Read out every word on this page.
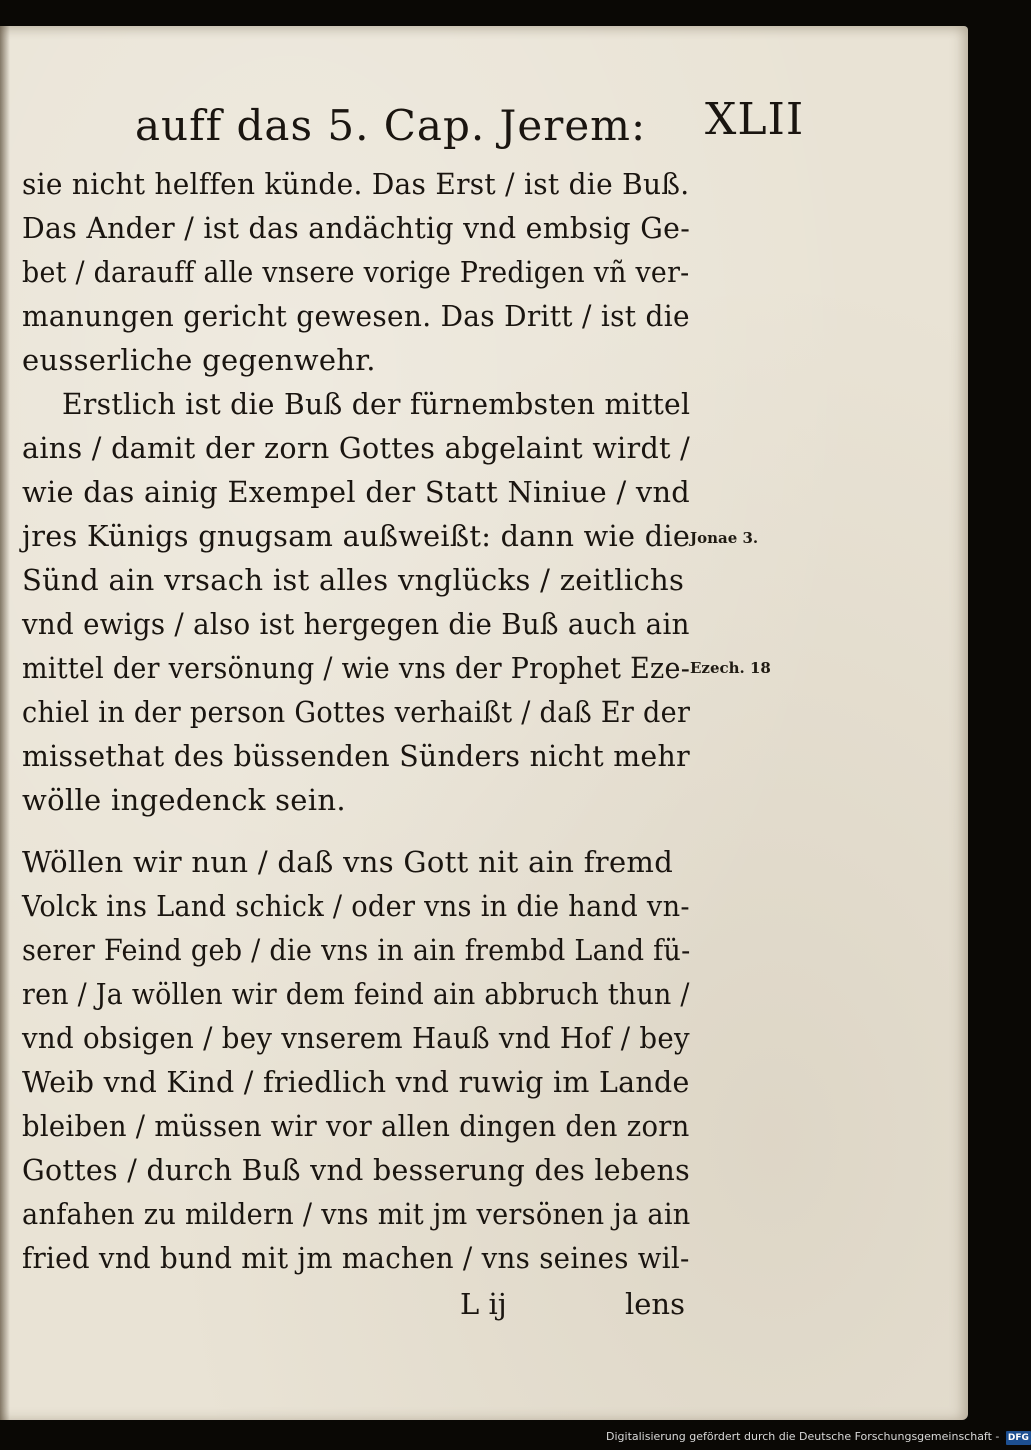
auff das 5. Cap. Jerem: XLII
sie nicht helffen künde. Das Erst / ist die Buß.
Das Ander / ist das andächtig vnd embsig Ge-
bet / darauff alle vnsere vorige Predigen vñ ver-
manungen gericht gewesen. Das Dritt / ist die
eusserliche gegenwehr.
Erstlich ist die Buß der fürnembsten mittel
ains / damit der zorn Gottes abgelaint wirdt /
wie das ainig Exempel der Statt Niniue / vnd
jres Künigs gnugsam außweißt: dann wie die
Sünd ain vrsach ist alles vnglücks / zeitlichs
vnd ewigs / also ist hergegen die Buß auch ain
mittel der versönung / wie vns der Prophet Eze-
chiel in der person Gottes verhaißt / daß Er der
missethat des büssenden Sünders nicht mehr
wölle ingedenck sein.
Jonae 3.
Ezech. 18
Wöllen wir nun / daß vns Gott nit ain fremd
Volck ins Land schick / oder vns in die hand vn-
serer Feind geb / die vns in ain frembd Land fü-
ren / Ja wöllen wir dem feind ain abbruch thun /
vnd obsigen / bey vnserem Hauß vnd Hof / bey
Weib vnd Kind / friedlich vnd ruwig im Lande
bleiben / müssen wir vor allen dingen den zorn
Gottes / durch Buß vnd besserung des lebens
anfahen zu mildern / vns mit jm versönen ja ain
fried vnd bund mit jm machen / vns seines wil-
L ij	lens
Digitalisierung gefördert durch die Deutsche Forschungsgemeinschaft - DFG
